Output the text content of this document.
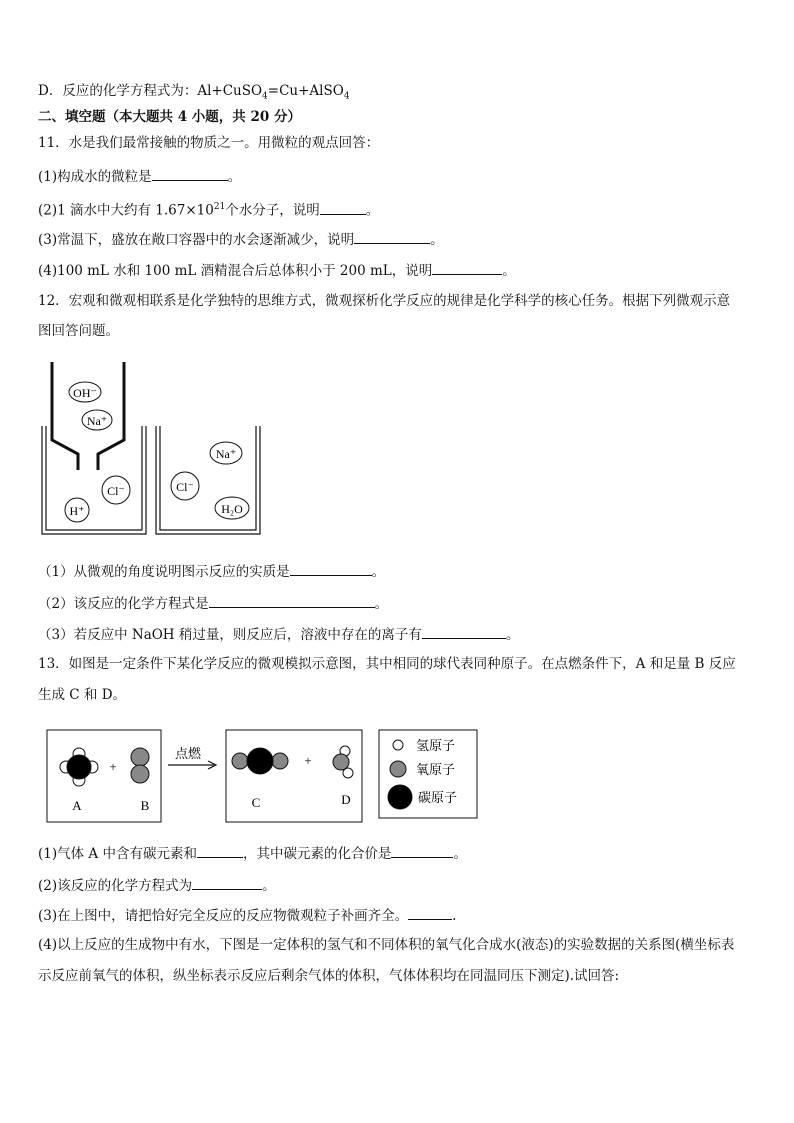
D．反应的化学方程式为：Al+CuSO$_4$=Cu+AlSO$_4$
二、填空题（本大题共 4 小题，共 20 分）
11．水是我们最常接触的物质之一。用微粒的观点回答：
(1)构成水的微粒是	。
(2)1 滴水中大约有 $1.67\times 10^{21}$个水分子，说明	。
(3)常温下，盛放在敞口容器中的水会逐渐减少，说明	。
(4)100 mL 水和 100 mL 酒精混合后总体积小于 200 mL，说明	。
12．宏观和微观相联系是化学独特的思维方式，微观探析化学反应的规律是化学科学的核心任务。根据下列微观示意
图回答问题。
OH⁻
Na⁺
Cl⁻
H⁺
Na⁺
Cl⁻
H₂O
（1）从微观的角度说明图示反应的实质是	。
（2）该反应的化学方程式是	。
（3）若反应中 NaOH 稍过量，则反应后，溶液中存在的离子有	。
13．如图是一定条件下某化学反应的微观模拟示意图，其中相同的球代表同种原子。在点燃条件下，A 和足量 B 反应
生成 C 和 D。
+
A	B
点燃	+
C	D
氢原子
氧原子
碳原子
(1)气体 A 中含有碳元素和	，其中碳元素的化合价是	。
(2)该反应的化学方程式为	。
(3)在上图中，请把恰好完全反应的反应物微观粒子补画齐全。	.
(4)以上反应的生成物中有水，下图是一定体积的氢气和不同体积的氧气化合成水(液态)的实验数据的关系图(横坐标表
示反应前氧气的体积，纵坐标表示反应后剩余气体的体积，气体体积均在同温同压下测定).试回答:
